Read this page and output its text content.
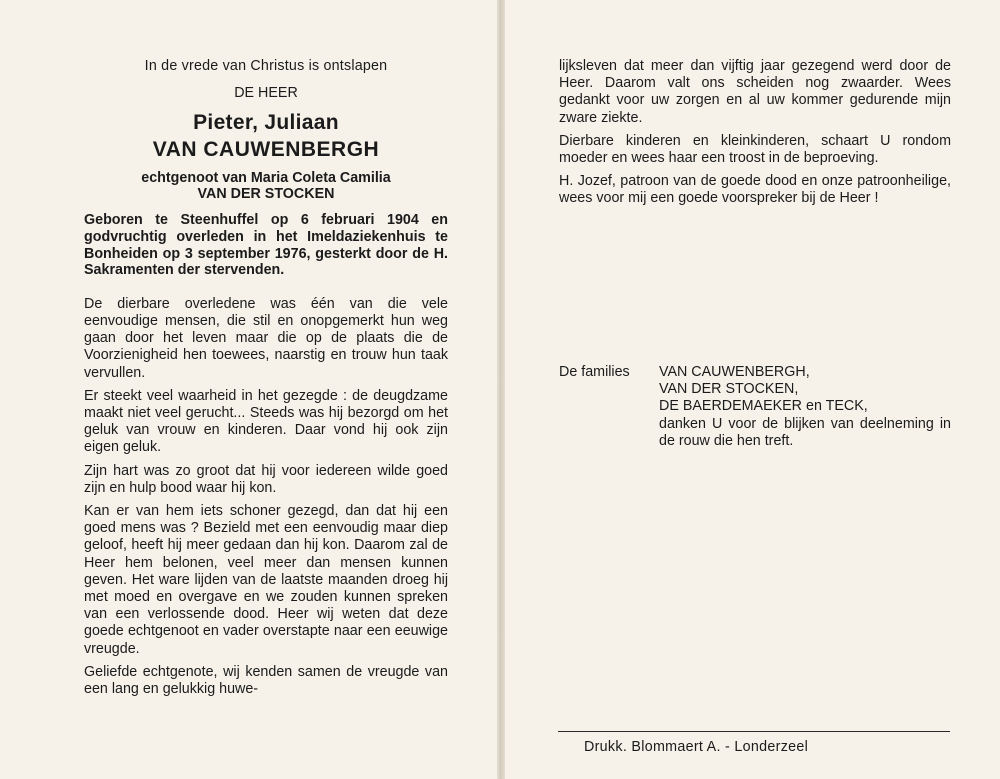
In de vrede van Christus is ontslapen

DE HEER

Pieter, Juliaan

VAN CAUWENBERGH

echtgenoot van Maria Coleta Camilia
VAN DER STOCKEN

Geboren te Steenhuffel op 6 februari 1904 en godvruchtig overleden in het Imeldaziekenhuis te Bonheiden op 3 september 1976, gesterkt door de H. Sakramenten der stervenden.

De dierbare overledene was één van die vele eenvoudige mensen, die stil en onopgemerkt hun weg gaan door het leven maar die op de plaats die de Voorzienigheid hen toewees, naarstig en trouw hun taak vervullen.

Er steekt veel waarheid in het gezegde : de deugdzame maakt niet veel gerucht... Steeds was hij bezorgd om het geluk van vrouw en kinderen. Daar vond hij ook zijn eigen geluk.

Zijn hart was zo groot dat hij voor iedereen wilde goed zijn en hulp bood waar hij kon.

Kan er van hem iets schoner gezegd, dan dat hij een goed mens was ? Bezield met een eenvoudig maar diep geloof, heeft hij meer gedaan dan hij kon. Daarom zal de Heer hem belonen, veel meer dan mensen kunnen geven. Het ware lijden van de laatste maanden droeg hij met moed en overgave en we zouden kunnen spreken van een verlossende dood. Heer wij weten dat deze goede echtgenoot en vader overstapte naar een eeuwige vreugde.

Geliefde echtgenote, wij kenden samen de vreugde van een lang en gelukkig huwe-

lijksleven dat meer dan vijftig jaar gezegend werd door de Heer. Daarom valt ons scheiden nog zwaarder. Wees gedankt voor uw zorgen en al uw kommer gedurende mijn zware ziekte.

Dierbare kinderen en kleinkinderen, schaart U rondom moeder en wees haar een troost in de beproeving.

H. Jozef, patroon van de goede dood en onze patroonheilige, wees voor mij een goede voorspreker bij de Heer !

De families	VAN CAUWENBERGH,
VAN DER STOCKEN,
DE BAERDEMAEKER en TECK,
danken U voor de blijken van deelneming in de rouw die hen treft.
Drukk. Blommaert A. - Londerzeel
